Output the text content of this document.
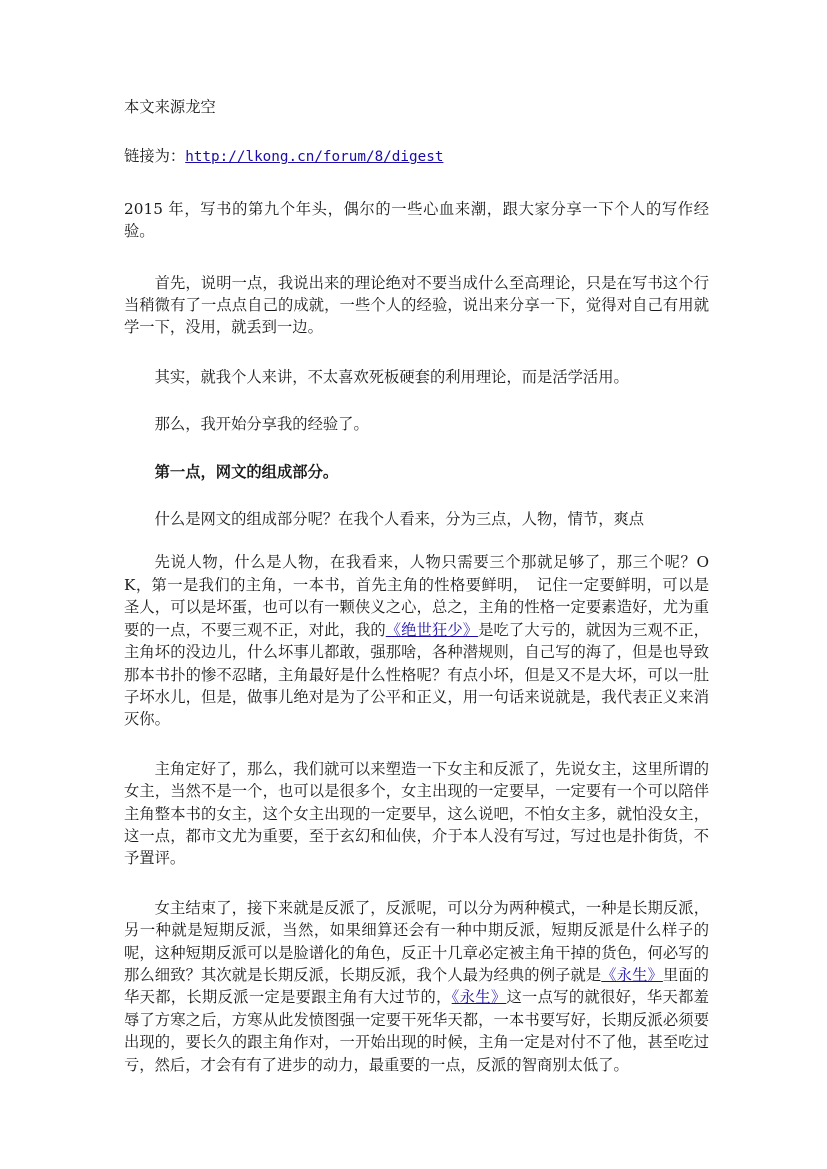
本文来源龙空

链接为：http://lkong.cn/forum/8/digest

2015 年，写书的第九个年头，偶尔的一些心血来潮，跟大家分享一下个人的写作经验。

首先，说明一点，我说出来的理论绝对不要当成什么至高理论，只是在写书这个行当稍微有了一点点自己的成就，一些个人的经验，说出来分享一下，觉得对自己有用就学一下，没用，就丢到一边。

其实，就我个人来讲，不太喜欢死板硬套的利用理论，而是活学活用。

那么，我开始分享我的经验了。

第一点，网文的组成部分。

什么是网文的组成部分呢？在我个人看来，分为三点，人物，情节，爽点

先说人物，什么是人物，在我看来，人物只需要三个那就足够了，那三个呢？OK，第一是我们的主角，一本书，首先主角的性格要鲜明，　记住一定要鲜明，可以是圣人，可以是坏蛋，也可以有一颗侠义之心，总之，主角的性格一定要素造好，尤为重要的一点，不要三观不正，对此，我的《绝世狂少》是吃了大亏的，就因为三观不正，主角坏的没边儿，什么坏事儿都敢，强那啥，各种潜规则，自己写的海了，但是也导致那本书扑的惨不忍睹，主角最好是什么性格呢？有点小坏，但是又不是大坏，可以一肚子坏水儿，但是，做事儿绝对是为了公平和正义，用一句话来说就是，我代表正义来消灭你。

主角定好了，那么，我们就可以来塑造一下女主和反派了，先说女主，这里所谓的女主，当然不是一个，也可以是很多个，女主出现的一定要早，一定要有一个可以陪伴主角整本书的女主，这个女主出现的一定要早，这么说吧，不怕女主多，就怕没女主，这一点，都市文尤为重要，至于玄幻和仙侠，介于本人没有写过，写过也是扑街货，不予置评。

女主结束了，接下来就是反派了，反派呢，可以分为两种模式，一种是长期反派，另一种就是短期反派，当然，如果细算还会有一种中期反派，短期反派是什么样子的呢，这种短期反派可以是脸谱化的角色，反正十几章必定被主角干掉的货色，何必写的那么细致？其次就是长期反派，长期反派，我个人最为经典的例子就是《永生》里面的华天都，长期反派一定是要跟主角有大过节的，《永生》这一点写的就很好，华天都羞辱了方寒之后，方寒从此发愤图强一定要干死华天都，一本书要写好，长期反派必须要出现的，要长久的跟主角作对，一开始出现的时候，主角一定是对付不了他，甚至吃过亏，然后，才会有有了进步的动力，最重要的一点，反派的智商别太低了。
